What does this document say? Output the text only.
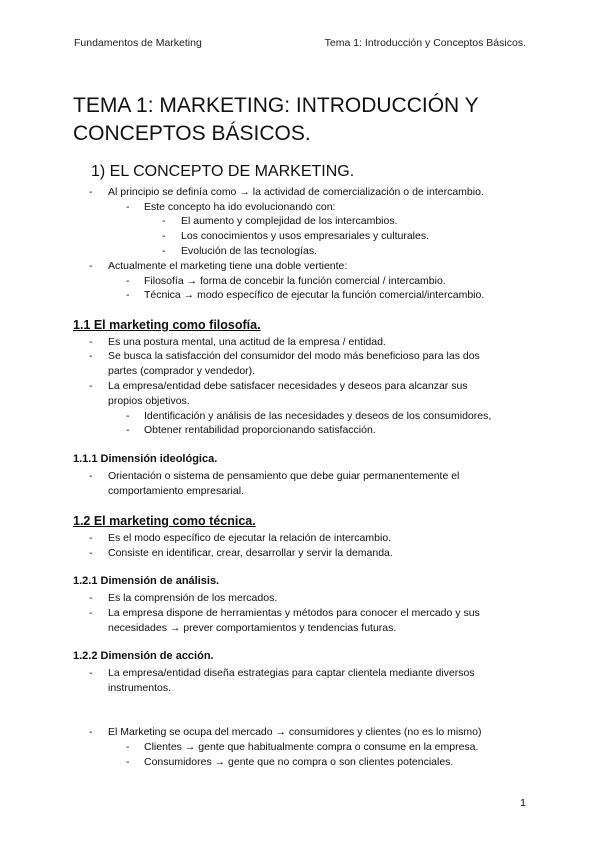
Fundamentos de Marketing	Tema 1: Introducción y Conceptos Básicos.
TEMA 1: MARKETING: INTRODUCCIÓN Y CONCEPTOS BÁSICOS.
1) EL CONCEPTO DE MARKETING.
- Al principio se definía como → la actividad de comercialización o de intercambio.
- Este concepto ha ido evolucionando con:
- El aumento y complejidad de los intercambios.
- Los conocimientos y usos empresariales y culturales.
- Evolución de las tecnologías.
- Actualmente el marketing tiene una doble vertiente:
- Filosofía → forma de concebir la función comercial / intercambio.
- Técnica → modo específico de ejecutar la función comercial/intercambio.
1.1 El marketing como filosofía.
- Es una postura mental, una actitud de la empresa / entidad.
- Se busca la satisfacción del consumidor del modo más beneficioso para las dos
partes (comprador y vendedor).
- La empresa/entidad debe satisfacer necesidades y deseos para alcanzar sus
propios objetivos.
- Identificación y análisis de las necesidades y deseos de los consumidores,
- Obtener rentabilidad proporcionando satisfacción.
1.1.1 Dimensión ideológica.
- Orientación o sistema de pensamiento que debe guiar permanentemente el
comportamiento empresarial.
1.2 El marketing como técnica.
- Es el modo específico de ejecutar la relación de intercambio.
- Consiste en identificar, crear, desarrollar y servir la demanda.
1.2.1 Dimensión de análisis.
- Es la comprensión de los mercados.
- La empresa dispone de herramientas y métodos para conocer el mercado y sus
necesidades → prever comportamientos y tendencias futuras.
1.2.2 Dimensión de acción.
- La empresa/entidad diseña estrategias para captar clientela mediante diversos
instrumentos.
- El Marketing se ocupa del mercado → consumidores y clientes (no es lo mismo)
- Clientes → gente que habitualmente compra o consume en la empresa.
- Consumidores → gente que no compra o son clientes potenciales.
1
